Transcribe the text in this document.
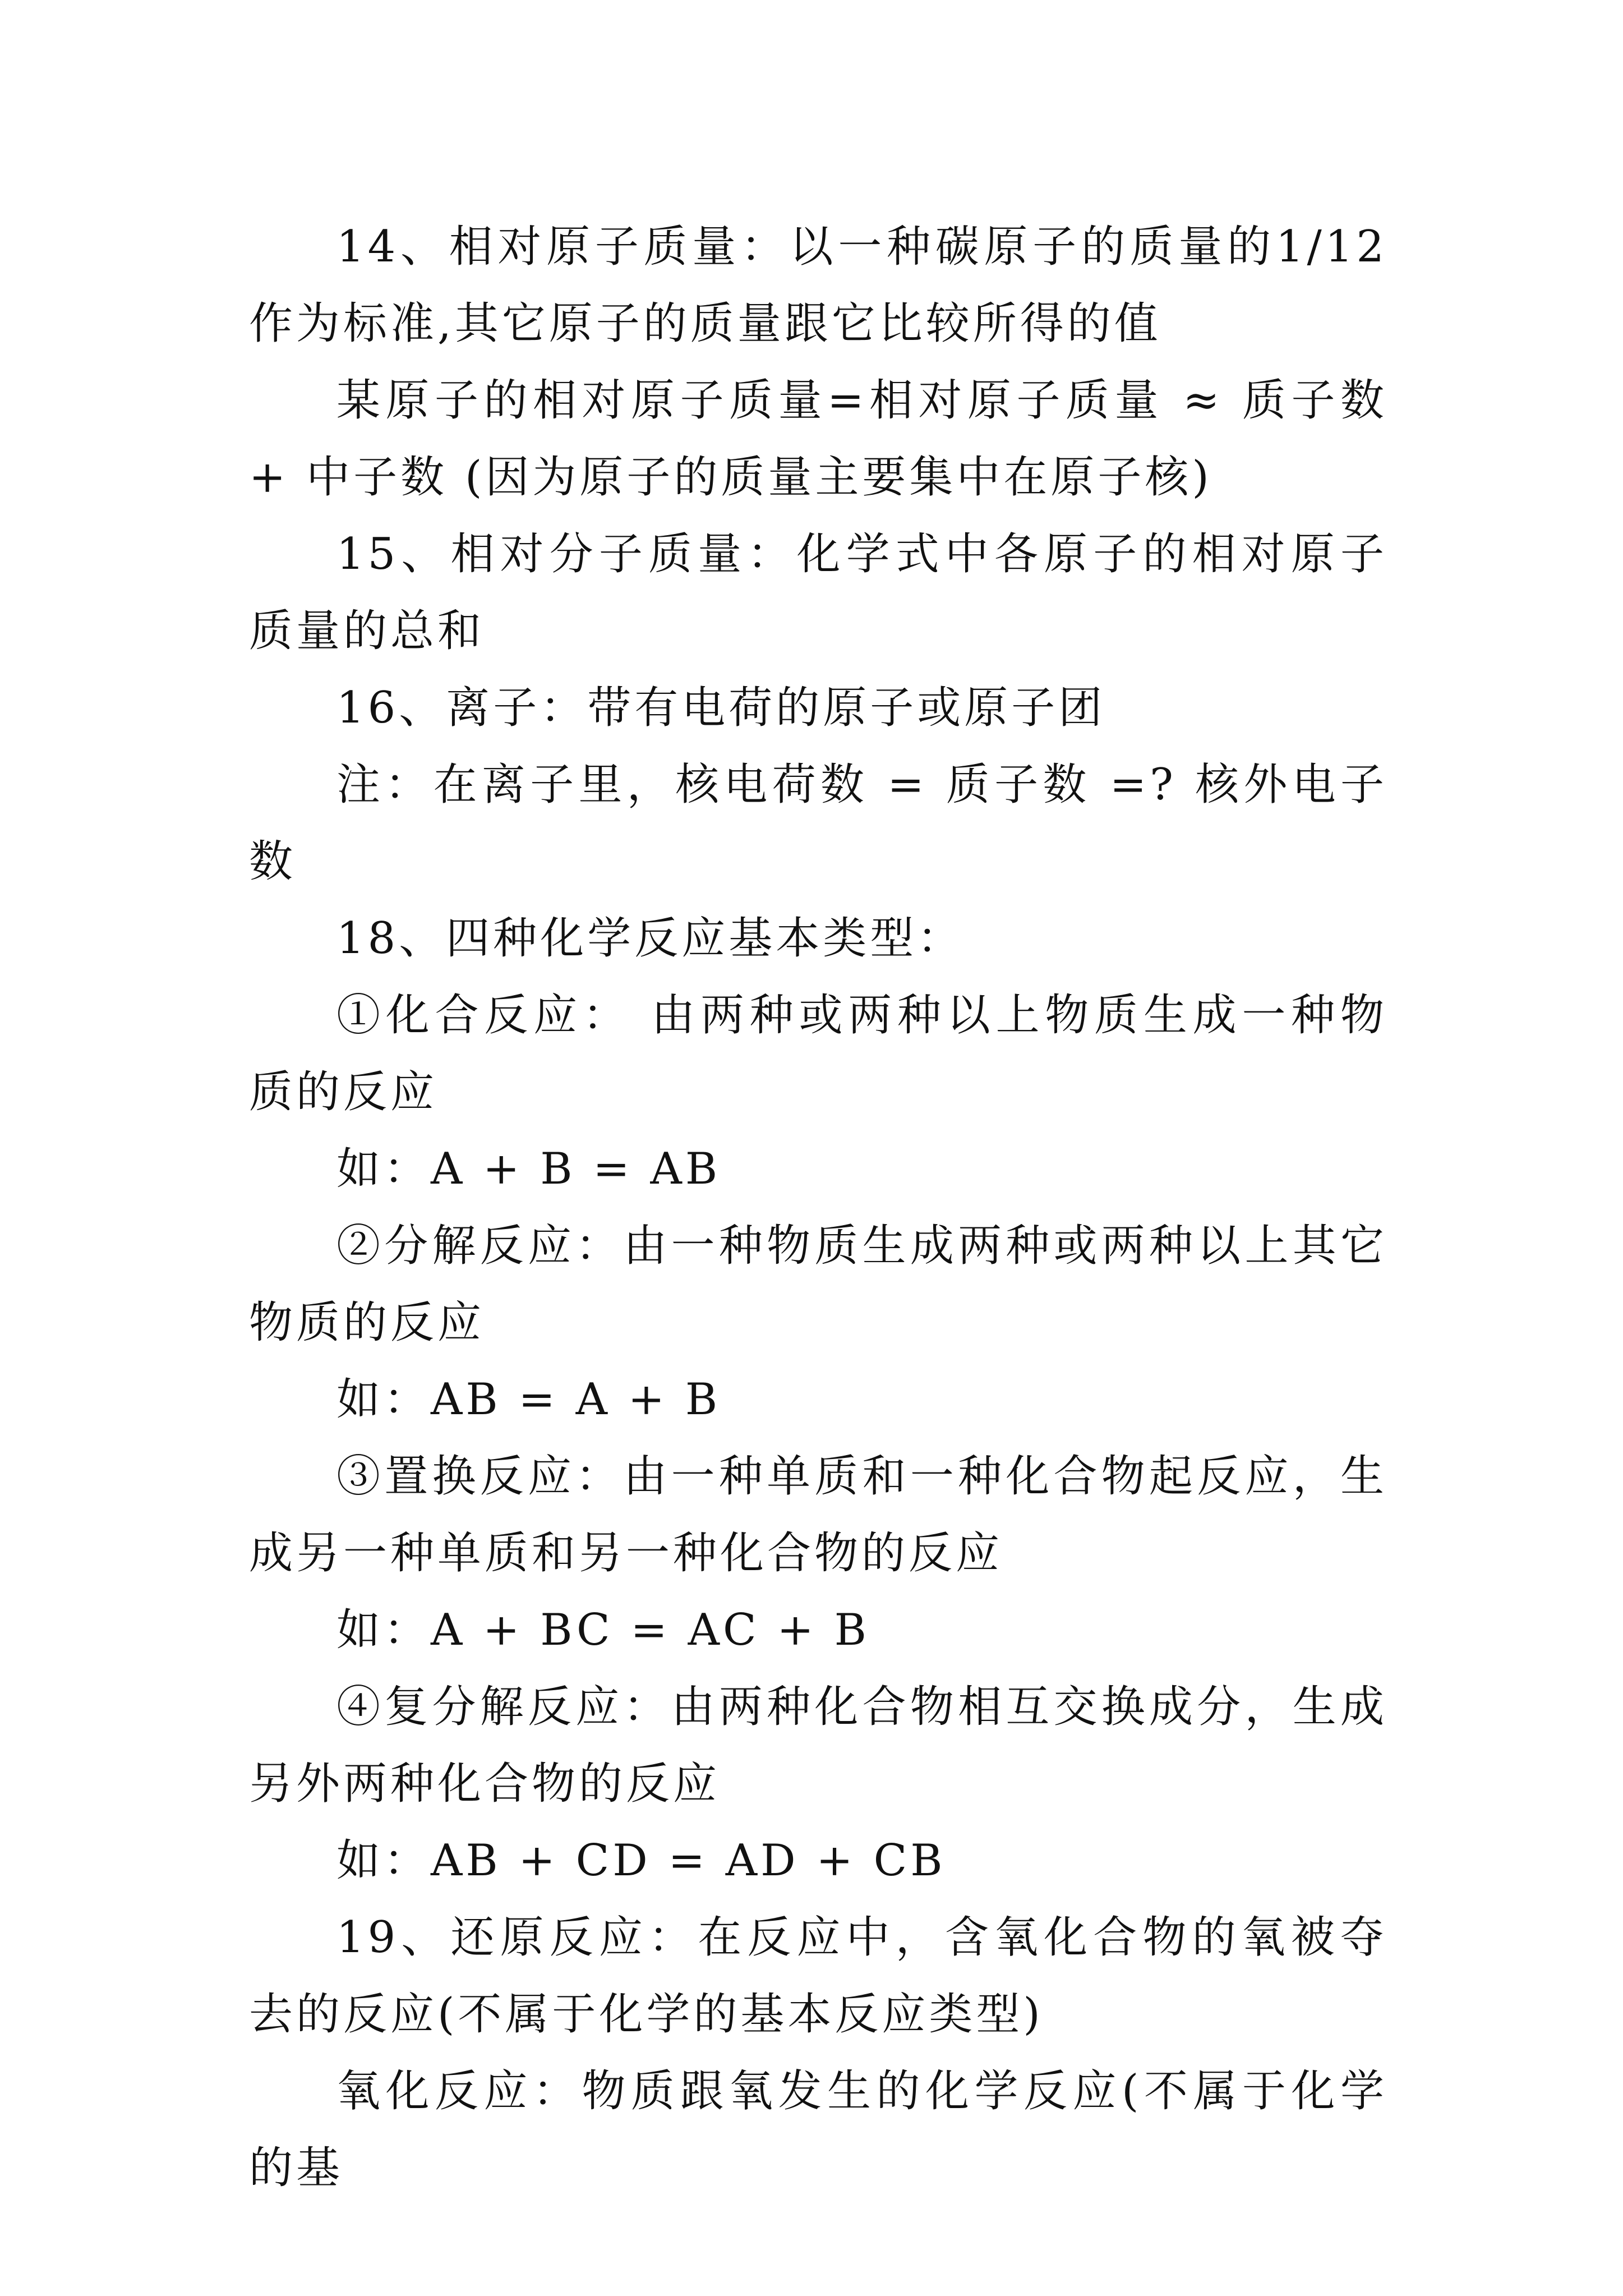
14、相对原子质量：以一种碳原子的质量的1/12作为标准,其它原子的质量跟它比较所得的值

某原子的相对原子质量=相对原子质量 ≈ 质子数 + 中子数 (因为原子的质量主要集中在原子核)

15、相对分子质量：化学式中各原子的相对原子质量的总和

16、离子：带有电荷的原子或原子团

注：在离子里，核电荷数 = 质子数 =? 核外电子数

18、四种化学反应基本类型：

①化合反应： 由两种或两种以上物质生成一种物质的反应

如：A + B = AB

②分解反应：由一种物质生成两种或两种以上其它物质的反应

如：AB = A + B

③置换反应：由一种单质和一种化合物起反应，生成另一种单质和另一种化合物的反应

如：A + BC = AC + B

④复分解反应：由两种化合物相互交换成分，生成另外两种化合物的反应

如：AB + CD = AD + CB

19、还原反应：在反应中，含氧化合物的氧被夺去的反应(不属于化学的基本反应类型)

氧化反应：物质跟氧发生的化学反应(不属于化学的基
